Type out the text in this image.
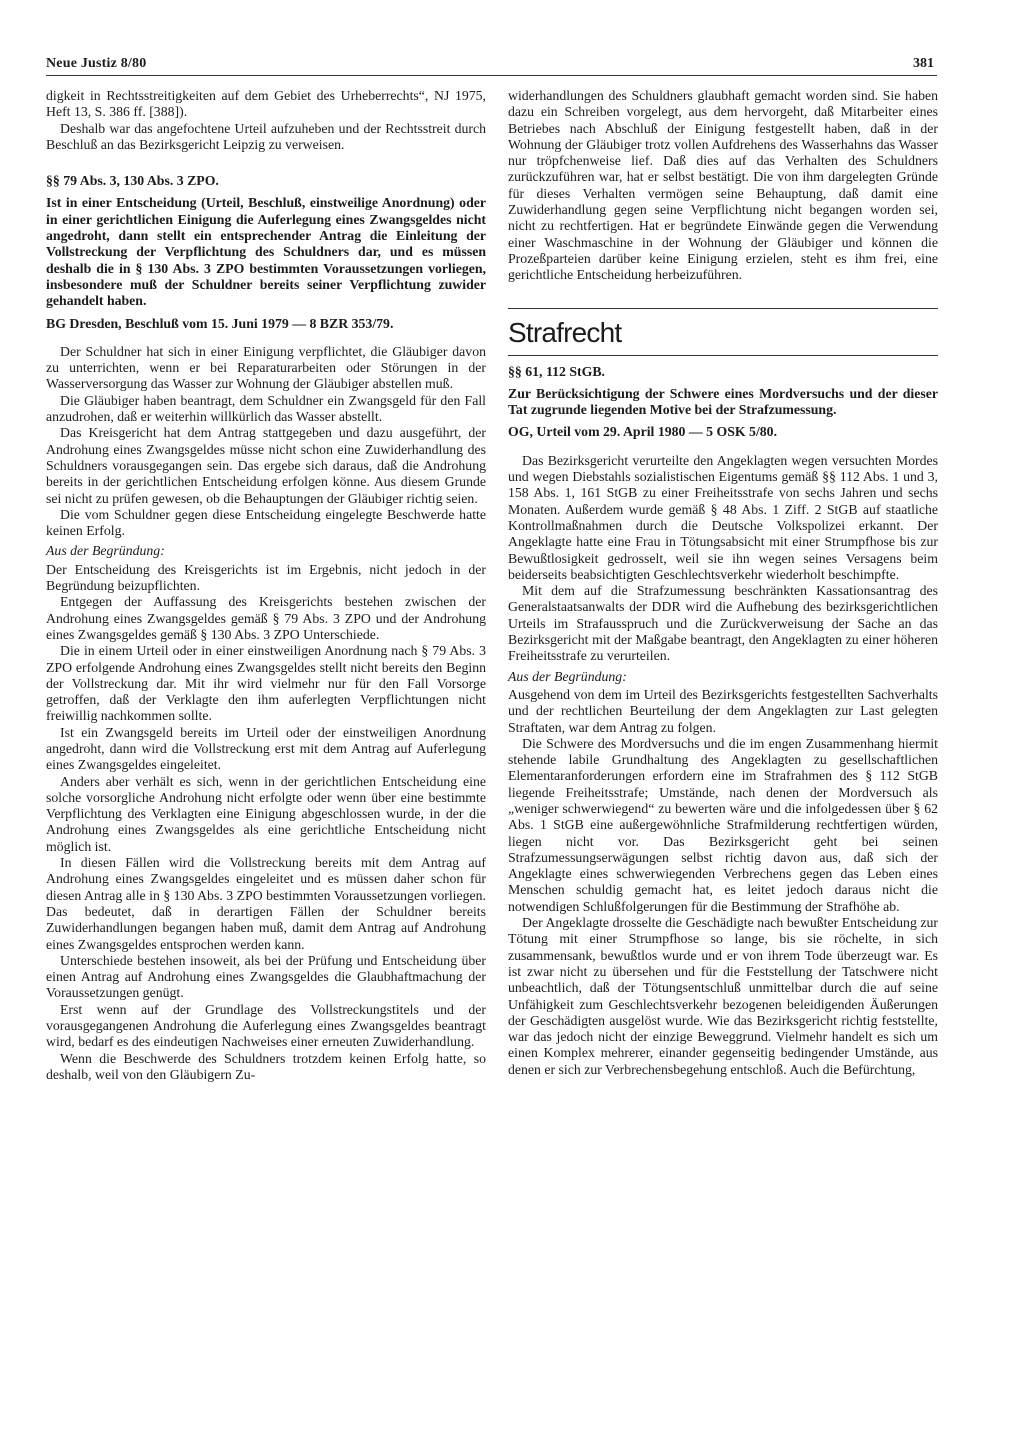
Neue Justiz 8/80	381

digkeit in Rechtsstreitigkeiten auf dem Gebiet des Urheberrechts“, NJ 1975, Heft 13, S. 386 ff. [388]).

Deshalb war das angefochtene Urteil aufzuheben und der Rechtsstreit durch Beschluß an das Bezirksgericht Leipzig zu verweisen.

§§ 79 Abs. 3, 130 Abs. 3 ZPO.

Ist in einer Entscheidung (Urteil, Beschluß, einstweilige Anordnung) oder in einer gerichtlichen Einigung die Auferlegung eines Zwangsgeldes nicht angedroht, dann stellt ein entsprechender Antrag die Einleitung der Vollstreckung der Verpflichtung des Schuldners dar, und es müssen deshalb die in § 130 Abs. 3 ZPO bestimmten Voraussetzungen vorliegen, insbesondere muß der Schuldner bereits seiner Verpflichtung zuwider gehandelt haben.

BG Dresden, Beschluß vom 15. Juni 1979 — 8 BZR 353/79.

Der Schuldner hat sich in einer Einigung verpflichtet, die Gläubiger davon zu unterrichten, wenn er bei Reparaturarbeiten oder Störungen in der Wasserversorgung das Wasser zur Wohnung der Gläubiger abstellen muß.

Die Gläubiger haben beantragt, dem Schuldner ein Zwangsgeld für den Fall anzudrohen, daß er weiterhin willkürlich das Wasser abstellt.

Das Kreisgericht hat dem Antrag stattgegeben und dazu ausgeführt, der Androhung eines Zwangsgeldes müsse nicht schon eine Zuwiderhandlung des Schuldners vorausgegangen sein. Das ergebe sich daraus, daß die Androhung bereits in der gerichtlichen Entscheidung erfolgen könne. Aus diesem Grunde sei nicht zu prüfen gewesen, ob die Behauptungen der Gläubiger richtig seien.

Die vom Schuldner gegen diese Entscheidung eingelegte Beschwerde hatte keinen Erfolg.

Aus der Begründung:

Der Entscheidung des Kreisgerichts ist im Ergebnis, nicht jedoch in der Begründung beizupflichten.

Entgegen der Auffassung des Kreisgerichts bestehen zwischen der Androhung eines Zwangsgeldes gemäß § 79 Abs. 3 ZPO und der Androhung eines Zwangsgeldes gemäß § 130 Abs. 3 ZPO Unterschiede.

Die in einem Urteil oder in einer einstweiligen Anordnung nach § 79 Abs. 3 ZPO erfolgende Androhung eines Zwangsgeldes stellt nicht bereits den Beginn der Vollstreckung dar. Mit ihr wird vielmehr nur für den Fall Vorsorge getroffen, daß der Verklagte den ihm auferlegten Verpflichtungen nicht freiwillig nachkommen sollte.

Ist ein Zwangsgeld bereits im Urteil oder der einstweiligen Anordnung angedroht, dann wird die Vollstreckung erst mit dem Antrag auf Auferlegung eines Zwangsgeldes eingeleitet.

Anders aber verhält es sich, wenn in der gerichtlichen Entscheidung eine solche vorsorgliche Androhung nicht erfolgte oder wenn über eine bestimmte Verpflichtung des Verklagten eine Einigung abgeschlossen wurde, in der die Androhung eines Zwangsgeldes als eine gerichtliche Entscheidung nicht möglich ist.

In diesen Fällen wird die Vollstreckung bereits mit dem Antrag auf Androhung eines Zwangsgeldes eingeleitet und es müssen daher schon für diesen Antrag alle in § 130 Abs. 3 ZPO bestimmten Voraussetzungen vorliegen. Das bedeutet, daß in derartigen Fällen der Schuldner bereits Zuwiderhandlungen begangen haben muß, damit dem Antrag auf Androhung eines Zwangsgeldes entsprochen werden kann.

Unterschiede bestehen insoweit, als bei der Prüfung und Entscheidung über einen Antrag auf Androhung eines Zwangsgeldes die Glaubhaftmachung der Voraussetzungen genügt.

Erst wenn auf der Grundlage des Vollstreckungstitels und der vorausgegangenen Androhung die Auferlegung eines Zwangsgeldes beantragt wird, bedarf es des eindeutigen Nachweises einer erneuten Zuwiderhandlung.

Wenn die Beschwerde des Schuldners trotzdem keinen Erfolg hatte, so deshalb, weil von den Gläubigern Zu-

widerhandlungen des Schuldners glaubhaft gemacht worden sind. Sie haben dazu ein Schreiben vorgelegt, aus dem hervorgeht, daß Mitarbeiter eines Betriebes nach Abschluß der Einigung festgestellt haben, daß in der Wohnung der Gläubiger trotz vollen Aufdrehens des Wasserhahns das Wasser nur tröpfchenweise lief. Daß dies auf das Verhalten des Schuldners zurückzuführen war, hat er selbst bestätigt. Die von ihm dargelegten Gründe für dieses Verhalten vermögen seine Behauptung, daß damit eine Zuwiderhandlung gegen seine Verpflichtung nicht begangen worden sei, nicht zu rechtfertigen. Hat er begründete Einwände gegen die Verwendung einer Waschmaschine in der Wohnung der Gläubiger und können die Prozeßparteien darüber keine Einigung erzielen, steht es ihm frei, eine gerichtliche Entscheidung herbeizuführen.

Strafrecht

§§ 61, 112 StGB.

Zur Berücksichtigung der Schwere eines Mordversuchs und der dieser Tat zugrunde liegenden Motive bei der Strafzumessung.

OG, Urteil vom 29. April 1980 — 5 OSK 5/80.

Das Bezirksgericht verurteilte den Angeklagten wegen versuchten Mordes und wegen Diebstahls sozialistischen Eigentums gemäß §§ 112 Abs. 1 und 3, 158 Abs. 1, 161 StGB zu einer Freiheitsstrafe von sechs Jahren und sechs Monaten. Außerdem wurde gemäß § 48 Abs. 1 Ziff. 2 StGB auf staatliche Kontrollmaßnahmen durch die Deutsche Volkspolizei erkannt. Der Angeklagte hatte eine Frau in Tötungsabsicht mit einer Strumpfhose bis zur Bewußtlosigkeit gedrosselt, weil sie ihn wegen seines Versagens beim beiderseits beabsichtigten Geschlechtsverkehr wiederholt beschimpfte.

Mit dem auf die Strafzumessung beschränkten Kassationsantrag des Generalstaatsanwalts der DDR wird die Aufhebung des bezirksgerichtlichen Urteils im Strafausspruch und die Zurückverweisung der Sache an das Bezirksgericht mit der Maßgabe beantragt, den Angeklagten zu einer höheren Freiheitsstrafe zu verurteilen.

Aus der Begründung:

Ausgehend von dem im Urteil des Bezirksgerichts festgestellten Sachverhalts und der rechtlichen Beurteilung der dem Angeklagten zur Last gelegten Straftaten, war dem Antrag zu folgen.

Die Schwere des Mordversuchs und die im engen Zusammenhang hiermit stehende labile Grundhaltung des Angeklagten zu gesellschaftlichen Elementaranforderungen erfordern eine im Strafrahmen des § 112 StGB liegende Freiheitsstrafe; Umstände, nach denen der Mordversuch als „weniger schwerwiegend“ zu bewerten wäre und die infolgedessen über § 62 Abs. 1 StGB eine außergewöhnliche Strafmilderung rechtfertigen würden, liegen nicht vor. Das Bezirksgericht geht bei seinen Strafzumessungserwägungen selbst richtig davon aus, daß sich der Angeklagte eines schwerwiegenden Verbrechens gegen das Leben eines Menschen schuldig gemacht hat, es leitet jedoch daraus nicht die notwendigen Schlußfolgerungen für die Bestimmung der Strafhöhe ab.

Der Angeklagte drosselte die Geschädigte nach bewußter Entscheidung zur Tötung mit einer Strumpfhose so lange, bis sie röchelte, in sich zusammensank, bewußtlos wurde und er von ihrem Tode überzeugt war. Es ist zwar nicht zu übersehen und für die Feststellung der Tatschwere nicht unbeachtlich, daß der Tötungsentschluß unmittelbar durch die auf seine Unfähigkeit zum Geschlechtsverkehr bezogenen beleidigenden Äußerungen der Geschädigten ausgelöst wurde. Wie das Bezirksgericht richtig feststellte, war das jedoch nicht der einzige Beweggrund. Vielmehr handelt es sich um einen Komplex mehrerer, einander gegenseitig bedingender Umstände, aus denen er sich zur Verbrechensbegehung entschloß. Auch die Befürchtung,
